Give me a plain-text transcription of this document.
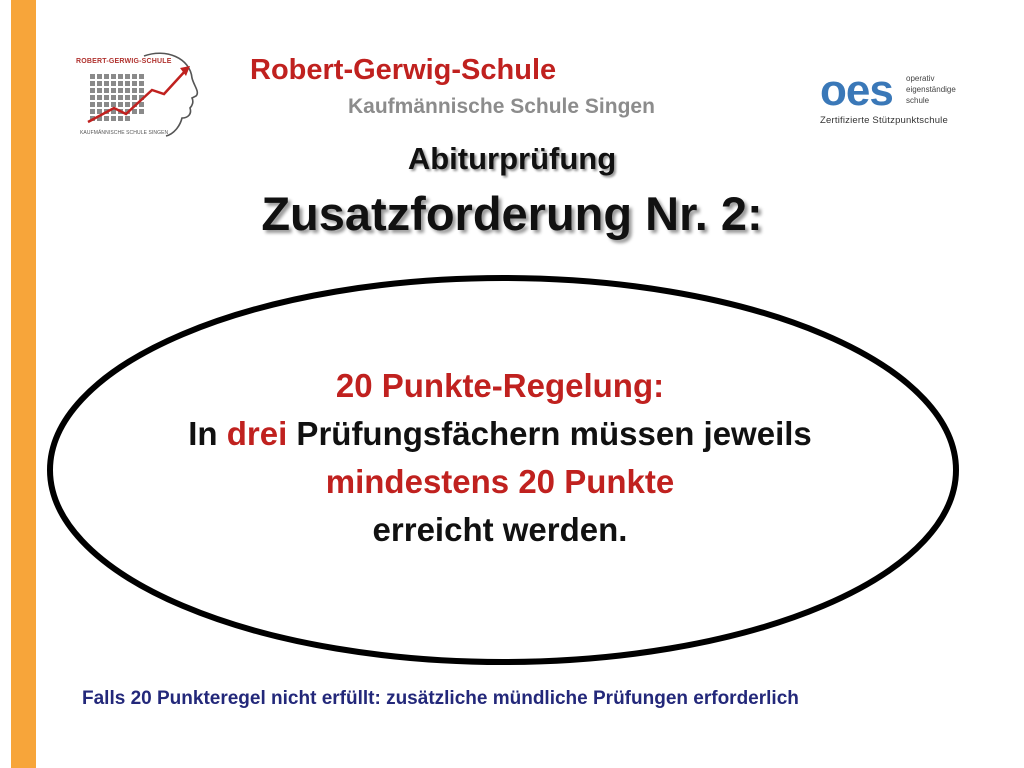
ROBERT-GERWIG-SCHULE
KAUFMÄNNISCHE SCHULE SINGEN
Robert-Gerwig-Schule
Kaufmännische Schule Singen	oes operativ
eigenständige
schule
Zertifizierte Stützpunktschule
Abiturprüfung
Zusatzforderung Nr. 2:
20 Punkte-Regelung:
In drei Prüfungsfächern müssen jeweils
mindestens 20 Punkte
erreicht werden.
Falls 20 Punkteregel nicht erfüllt: zusätzliche mündliche Prüfungen erforderlich
